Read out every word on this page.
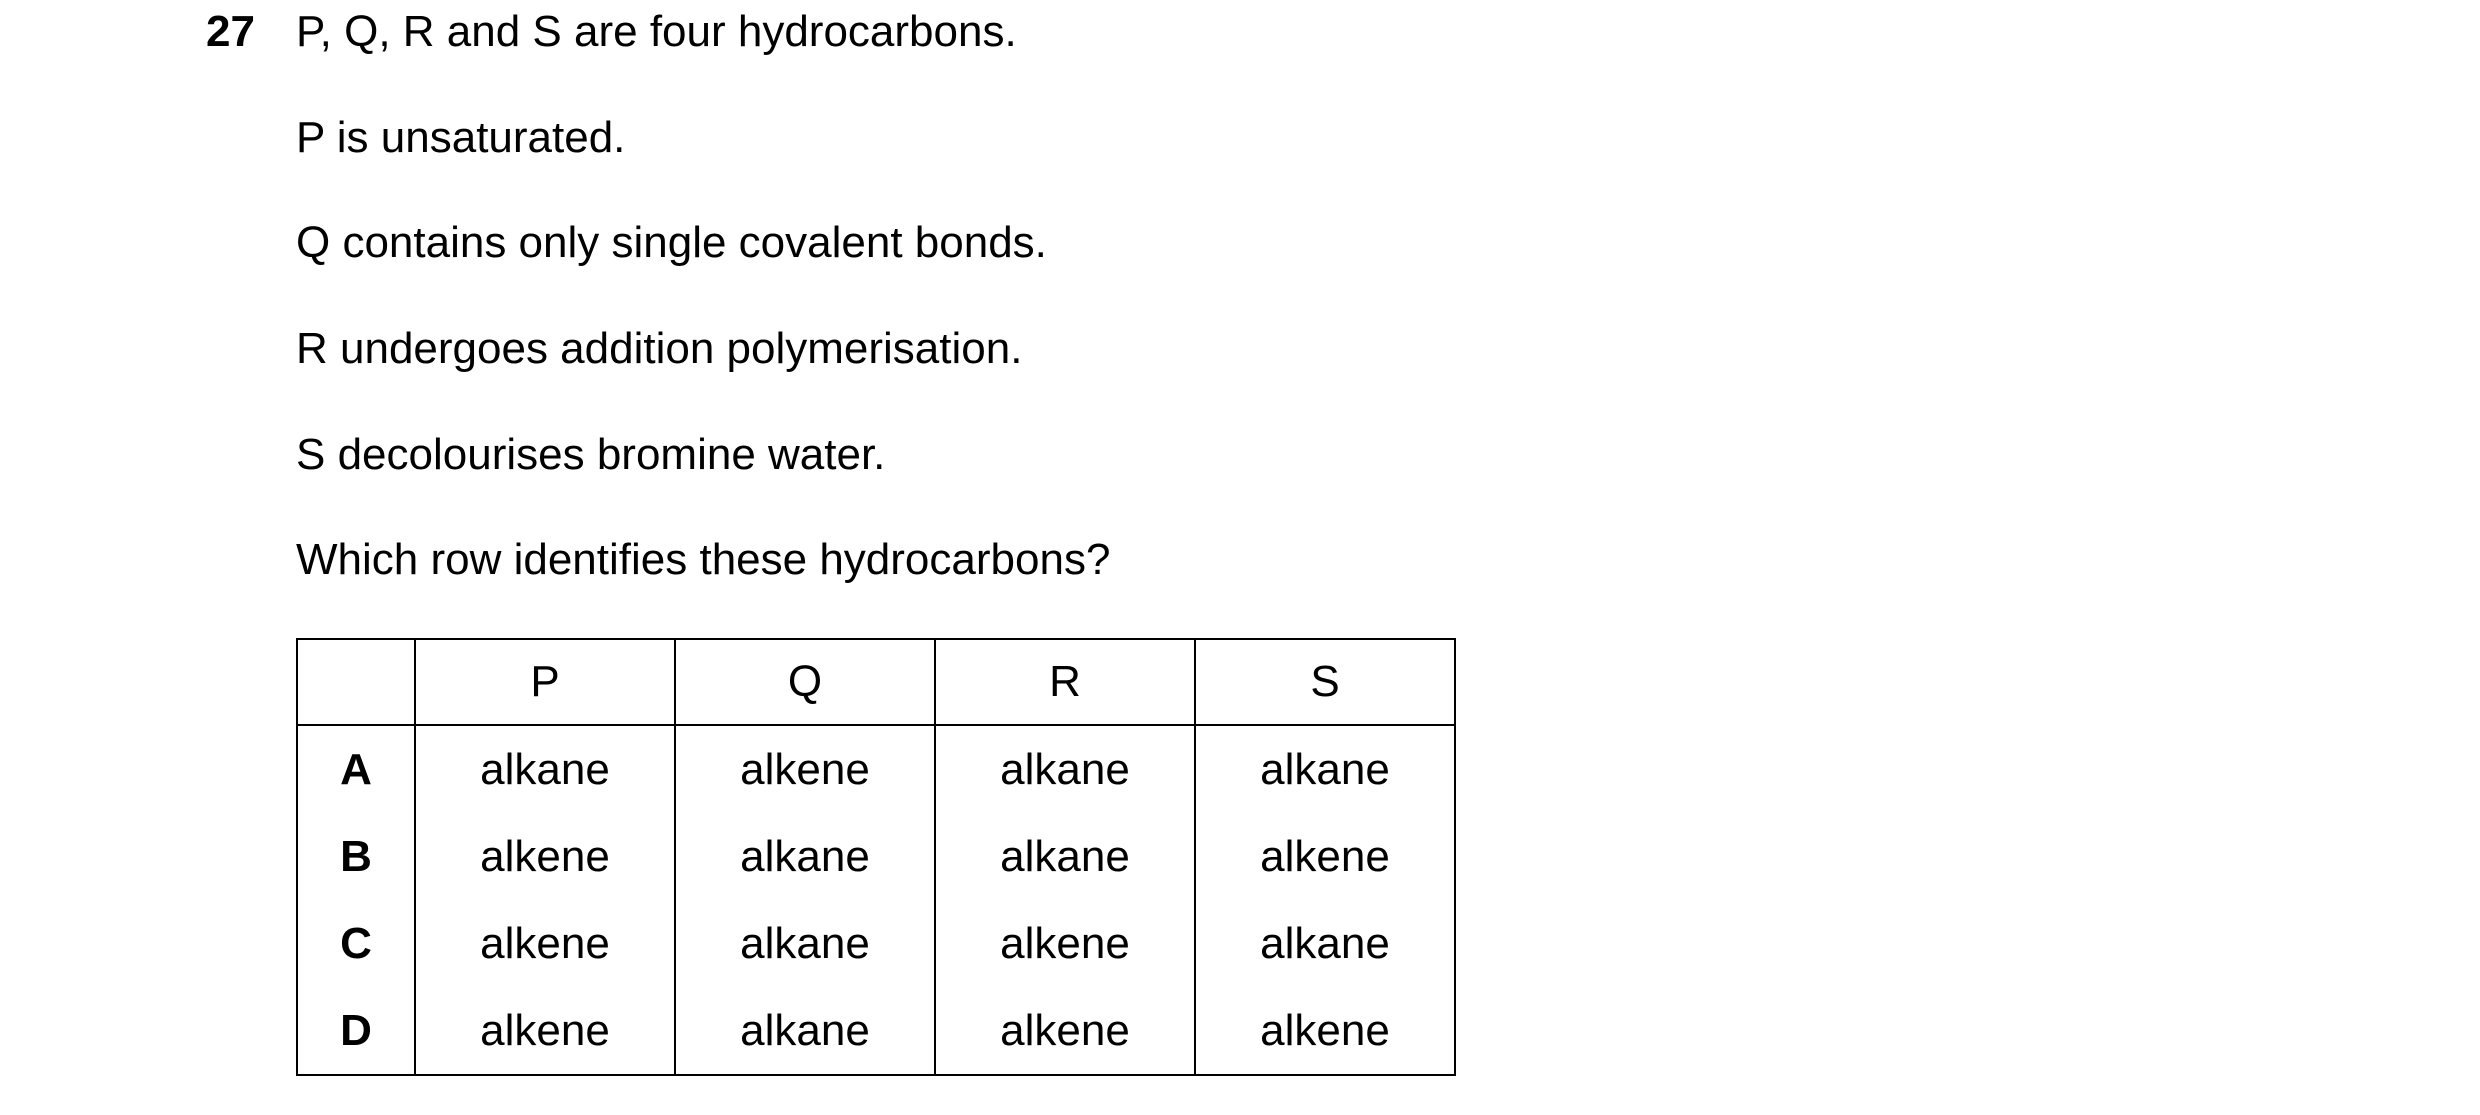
27 P, Q, R and S are four hydrocarbons.
P is unsaturated.
Q contains only single covalent bonds.
R undergoes addition polymerisation.
S decolourises bromine water.
Which row identifies these hydrocarbons?
	P	Q	R	S
A	alkane	alkene	alkane	alkane
B	alkene	alkane	alkane	alkene
C	alkene	alkane	alkene	alkane
D	alkene	alkane	alkene	alkene
